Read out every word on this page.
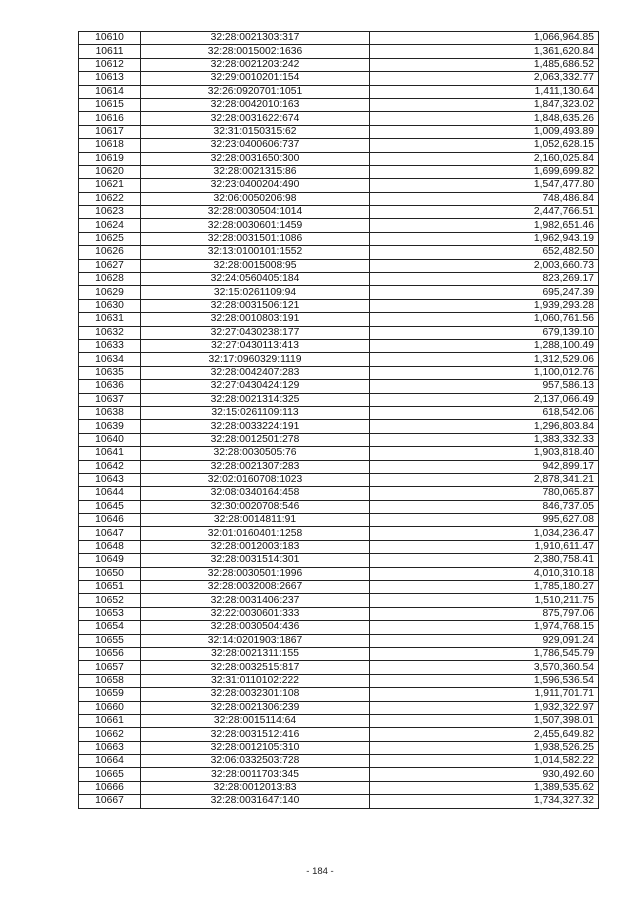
10610	32:28:0021303:317	1,066,964.85
10611	32:28:0015002:1636	1,361,620.84
10612	32:28:0021203:242	1,485,686.52
10613	32:29:0010201:154	2,063,332.77
10614	32:26:0920701:1051	1,411,130.64
10615	32:28:0042010:163	1,847,323.02
10616	32:28:0031622:674	1,848,635.26
10617	32:31:0150315:62	1,009,493.89
10618	32:23:0400606:737	1,052,628.15
10619	32:28:0031650:300	2,160,025.84
10620	32:28:0021315:86	1,699,699.82
10621	32:23:0400204:490	1,547,477.80
10622	32:06:0050206:98	748,486.84
10623	32:28:0030504:1014	2,447,766.51
10624	32:28:0030601:1459	1,982,651.46
10625	32:28:0031501:1086	1,962,943.19
10626	32:13:0100101:1552	652,482.50
10627	32:28:0015008:95	2,003,660.73
10628	32:24:0560405:184	823,269.17
10629	32:15:0261109:94	695,247.39
10630	32:28:0031506:121	1,939,293.28
10631	32:28:0010803:191	1,060,761.56
10632	32:27:0430238:177	679,139.10
10633	32:27:0430113:413	1,288,100.49
10634	32:17:0960329:1119	1,312,529.06
10635	32:28:0042407:283	1,100,012.76
10636	32:27:0430424:129	957,586.13
10637	32:28:0021314:325	2,137,066.49
10638	32:15:0261109:113	618,542.06
10639	32:28:0033224:191	1,296,803.84
10640	32:28:0012501:278	1,383,332.33
10641	32:28:0030505:76	1,903,818.40
10642	32:28:0021307:283	942,899.17
10643	32:02:0160708:1023	2,878,341.21
10644	32:08:0340164:458	780,065.87
10645	32:30:0020708:546	846,737.05
10646	32:28:0014811:91	995,627.08
10647	32:01:0160401:1258	1,034,236.47
10648	32:28:0012003:183	1,910,611.47
10649	32:28:0031514:301	2,380,758.41
10650	32:28:0030501:1996	4,010,310.18
10651	32:28:0032008:2667	1,785,180.27
10652	32:28:0031406:237	1,510,211.75
10653	32:22:0030601:333	875,797.06
10654	32:28:0030504:436	1,974,768.15
10655	32:14:0201903:1867	929,091.24
10656	32:28:0021311:155	1,786,545.79
10657	32:28:0032515:817	3,570,360.54
10658	32:31:0110102:222	1,596,536.54
10659	32:28:0032301:108	1,911,701.71
10660	32:28:0021306:239	1,932,322.97
10661	32:28:0015114:64	1,507,398.01
10662	32:28:0031512:416	2,455,649.82
10663	32:28:0012105:310	1,938,526.25
10664	32:06:0332503:728	1,014,582.22
10665	32:28:0011703:345	930,492.60
10666	32:28:0012013:83	1,389,535.62
10667	32:28:0031647:140	1,734,327.32
- 184 -
